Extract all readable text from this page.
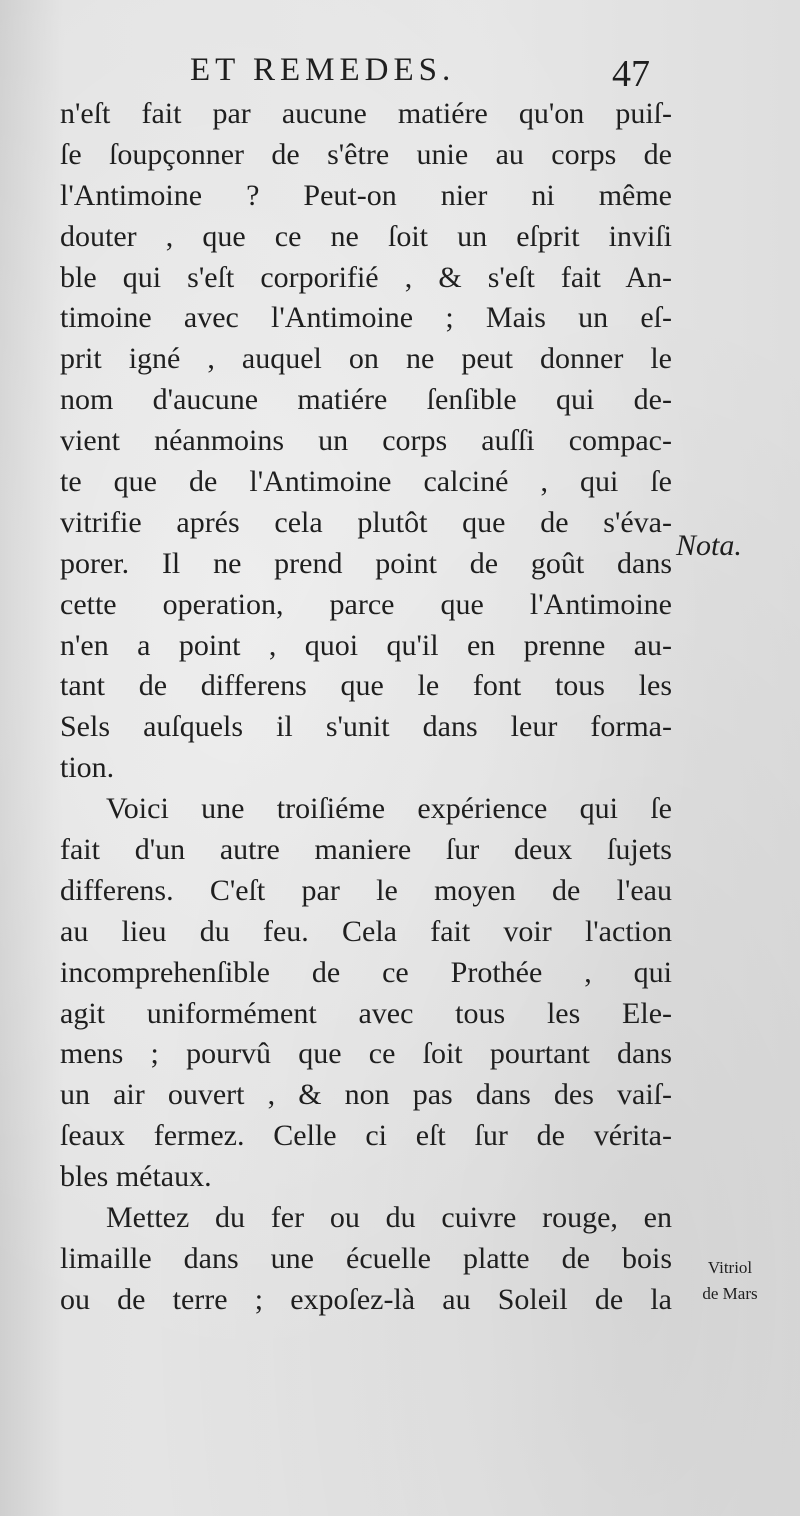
ET REMEDES.	47
n'eſt fait par aucune matiére qu'on puiſ-
ſe ſoupçonner de s'être unie au corps de
l'Antimoine ? Peut-on nier ni même
douter , que ce ne ſoit un eſprit inviſi
ble qui s'eſt corporifié , & s'eſt fait An-
timoine avec l'Antimoine ; Mais un eſ-
prit igné , auquel on ne peut donner le
nom d'aucune matiére ſenſible qui de-
vient néanmoins un corps auſſi compac-
te que de l'Antimoine calciné , qui ſe
vitrifie aprés cela plutôt que de s'éva-
porer. Il ne prend point de goût dans
cette operation, parce que l'Antimoine
n'en a point , quoi qu'il en prenne au-
tant de differens que le font tous les
Sels auſquels il s'unit dans leur forma-
tion.
Voici une troiſiéme expérience qui ſe
fait d'un autre maniere ſur deux ſujets
differens. C'eſt par le moyen de l'eau
au lieu du feu. Cela fait voir l'action
incomprehenſible de ce Prothée , qui
agit uniformément avec tous les Ele-
mens ; pourvû que ce ſoit pourtant dans
un air ouvert , & non pas dans des vaiſ-
ſeaux fermez. Celle ci eſt ſur de vérita-
bles métaux.
Mettez du fer ou du cuivre rouge, en
limaille dans une écuelle platte de bois
ou de terre ; expoſez-là au Soleil de la
Nota.
Vitriol
de Mars
